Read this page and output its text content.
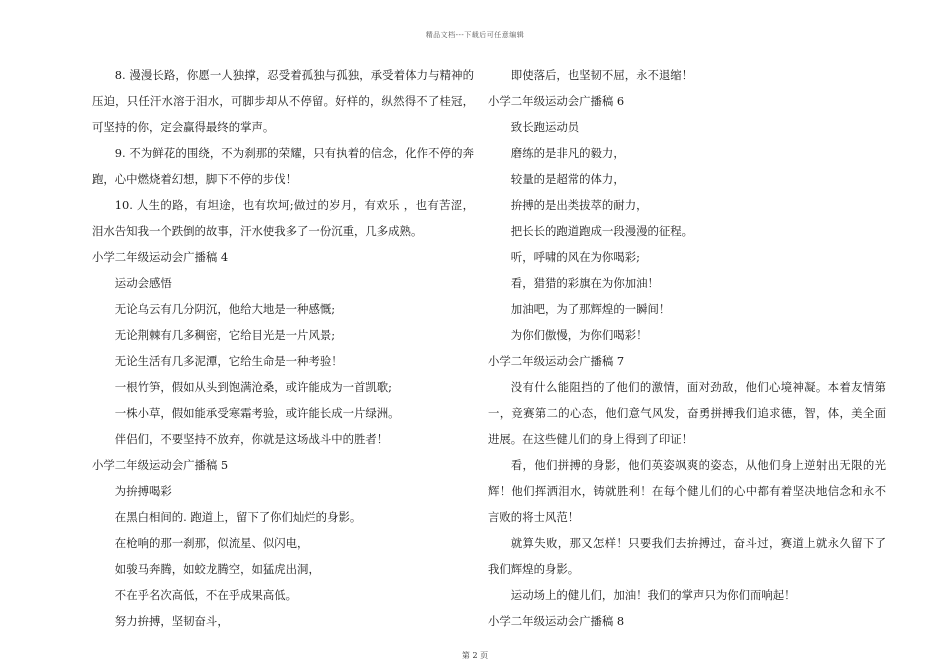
精品文档---下载后可任意编辑
8. 漫漫长路，你愿一人独撑，忍受着孤独与孤独，承受着体力与精神的压迫，只任汗水溶于泪水，可脚步却从不停留。好样的，纵然得不了桂冠，可坚持的你，定会赢得最终的掌声。
9. 不为鲜花的围绕，不为刹那的荣耀，只有执着的信念，化作不停的奔跑，心中燃烧着幻想，脚下不停的步伐！
10. 人生的路，有坦途，也有坎坷;做过的岁月，有欢乐 ，也有苦涩，泪水告知我一个跌倒的故事，汗水使我多了一份沉重，几多成熟。
小学二年级运动会广播稿 4
运动会感悟
无论乌云有几分阴沉，他给大地是一种感慨;
无论荆棘有几多稠密，它给目光是一片风景;
无论生活有几多泥潭，它给生命是一种考验！
一根竹笋，假如从头到饱满沧桑，或许能成为一首凯歌;
一株小草，假如能承受寒霜考验，或许能长成一片绿洲。
伴侣们，不要坚持不放弃，你就是这场战斗中的胜者！
小学二年级运动会广播稿 5
为拚搏喝彩
在黑白相间的. 跑道上，留下了你们灿烂的身影。
在枪响的那一刹那，似流星、似闪电，
如骏马奔腾，如蛟龙腾空，如猛虎出洞，
不在乎名次高低，不在乎成果高低。
努力拚搏，坚韧奋斗，
即使落后，也坚韧不屈，永不退缩！
小学二年级运动会广播稿 6
致长跑运动员
磨练的是非凡的毅力，
较量的是超常的体力，
拚搏的是出类拔萃的耐力，
把长长的跑道跑成一段漫漫的征程。
听，呼啸的风在为你喝彩;
看，猎猎的彩旗在为你加油！
加油吧，为了那辉煌的一瞬间！
为你们傲慢，为你们喝彩！
小学二年级运动会广播稿 7
没有什么能阻挡的了他们的激情，面对劲敌，他们心境神凝。本着友情第一，竞赛第二的心态，他们意气风发，奋勇拼搏我们追求德，智，体，美全面进展。在这些健儿们的身上得到了印证！
看，他们拼搏的身影，他们英姿飒爽的姿态，从他们身上逆射出无限的光辉！他们挥洒泪水，铸就胜利！在每个健儿们的心中都有着坚决地信念和永不言败的将士风范！
就算失败，那又怎样！只要我们去拚搏过，奋斗过，赛道上就永久留下了我们辉煌的身影。
运动场上的健儿们，加油！我们的掌声只为你们而响起！
小学二年级运动会广播稿 8
第 2 页
